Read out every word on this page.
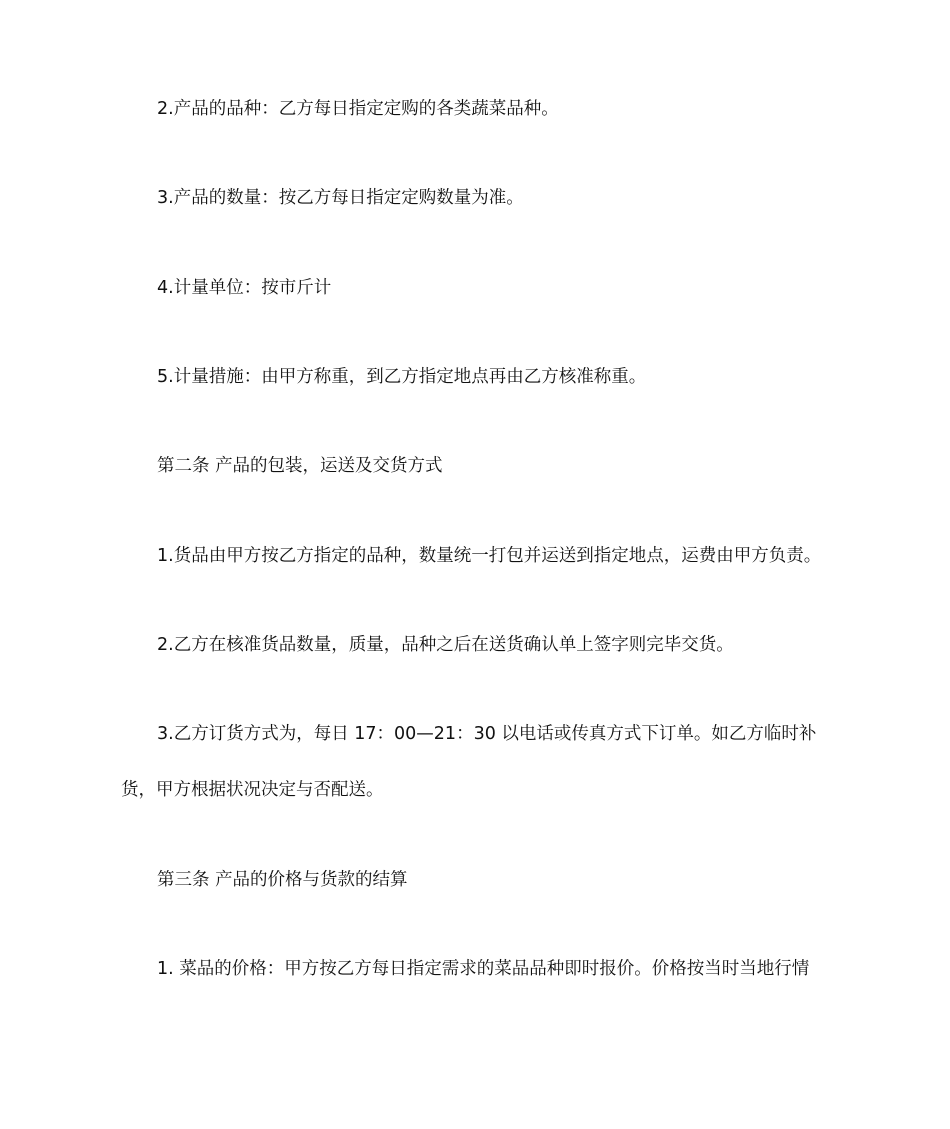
2.产品的品种：乙方每日指定定购的各类蔬菜品种。

3.产品的数量：按乙方每日指定定购数量为准。

4.计量单位：按市斤计

5.计量措施：由甲方称重，到乙方指定地点再由乙方核准称重。

第二条 产品的包装，运送及交货方式

1.货品由甲方按乙方指定的品种，数量统一打包并运送到指定地点，运费由甲方负责。

2.乙方在核准货品数量，质量，品种之后在送货确认单上签字则完毕交货。

3.乙方订货方式为，每日 17：00—21：30 以电话或传真方式下订单。如乙方临时补

货，甲方根据状况决定与否配送。

第三条 产品的价格与货款的结算

1. 菜品的价格：甲方按乙方每日指定需求的菜品品种即时报价。价格按当时当地行情
